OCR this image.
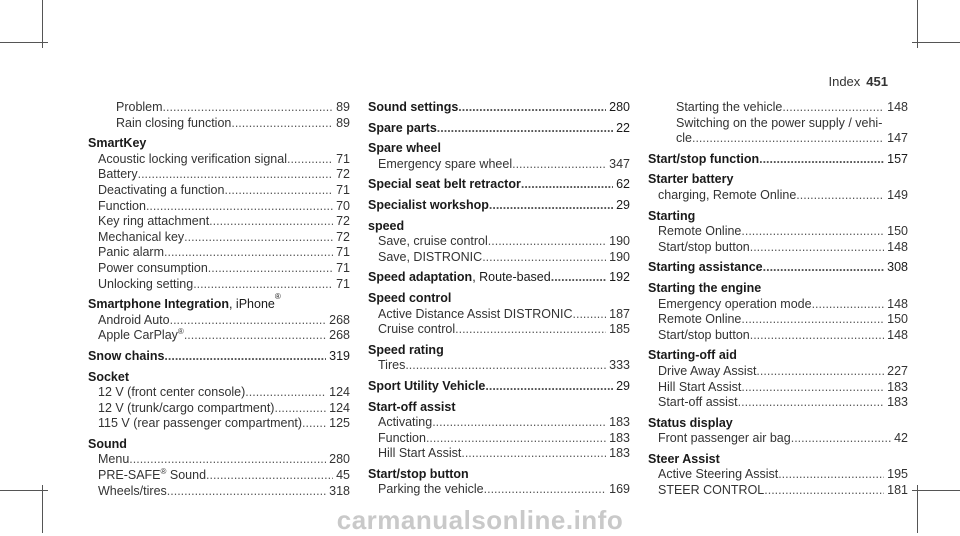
Index 451
Problem .....	89
Rain closing function .....	89
SmartKey
Acoustic locking verification signal .....	71
Battery .....	72
Deactivating a function .....	71
Function .....	70
Key ring attachment .....	72
Mechanical key .....	72
Panic alarm .....	71
Power consumption .....	71
Unlocking setting .....	71
Smartphone Integration , iPhone
®
Android Auto .....	268
Apple CarPlay® .....	268
Snow chains .....	319
Socket
12 V (front center console) .....	124
12 V (trunk/cargo compartment) .....	124
115 V (rear passenger compartment) ..... 125
Sound
Menu .....	280
PRE-SAFE® Sound .....	45
Wheels/tires .....	318
Sound settings .....	280
Spare parts .....	22
Spare wheel
Emergency spare wheel .....	347
Special seat belt retractor .....	62
Specialist workshop .....	29
speed
Save, cruise control .....	190
Save, DISTRONIC .....	190
Speed adaptation , Route-based .....	192
Speed control
Active Distance Assist DISTRONIC .....	187
Cruise control .....	185
Speed rating
Tires .....	333
Sport Utility Vehicle .....	29
Start-off assist
Activating .....	183
Function .....	183
Hill Start Assist .....	183
Start/stop button
Parking the vehicle .....	169
Starting the vehicle .....	148
Switching on the power supply / vehi-
cle .....	147
Start/stop function .....	157
Starter battery
charging, Remote Online .....	149
Starting
Remote Online .....	150
Start/stop button .....	148
Starting assistance .....	308
Starting the engine
Emergency operation mode .....	148
Remote Online .....	150
Start/stop button .....	148
Starting-off aid
Drive Away Assist .....	227
Hill Start Assist .....	183
Start-off assist .....	183
Status display
Front passenger air bag .....	42
Steer Assist
Active Steering Assist .....	195
STEER CONTROL .....	181
carmanualsonline.info
